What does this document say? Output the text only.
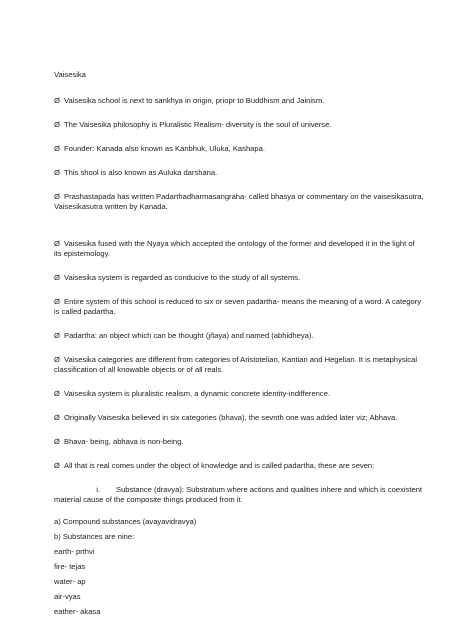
Vaisesika
Ø Vaisesika school is next to sankhya in origin, priopr to Buddhism and Jainism.
Ø The Vaisesika philosophy is Pluralistic Realism- diversity is the soul of universe.
Ø Founder: Kanada also known as Kanbhuk, Uluka, Kashapa.
Ø This shool is also known as Auluka darshana.
Ø Prashastapada has written Padarthadharmasangraha- called bhasya or commentary on the vaisesikasutra, Vaisesikasutra written by Kanada.
Ø Vaisesika fused with the Nyaya which accepted the ontology of the former and developed it in the light of its epistemology.
Ø Vaisesika system is regarded as conducive to the study of all systems.
Ø Entire system of this school is reduced to six or seven padartha- means the meaning of a word. A category is called padartha.
Ø Padartha: an object which can be thought (jñaya) and named (abhidheya).
Ø Vaisesika categories are different from categories of Aristotelian, Kantian and Hegelian. It is metaphysical classification of all knowable objects or of all reals.
Ø Vaisesika system is pluralistic realism, a dynamic concrete identity-indifference.
Ø Originally Vaisesika believed in six categories (bhava), the sevnth one was added later viz; Abhava.
Ø Bhava- being, abhava is non-being.
Ø All that is real comes under the object of knowledge and is called padartha, these are seven:
i. Substance (dravya): Substratum where actions and qualities inhere and which is coexistent material cause of the composite things produced from it.
a) Compound substances (avayavidravya)
b) Substances are nine:
earth- prthvi
fire- tejas
water- ap
air-vyas
eather- akasa
